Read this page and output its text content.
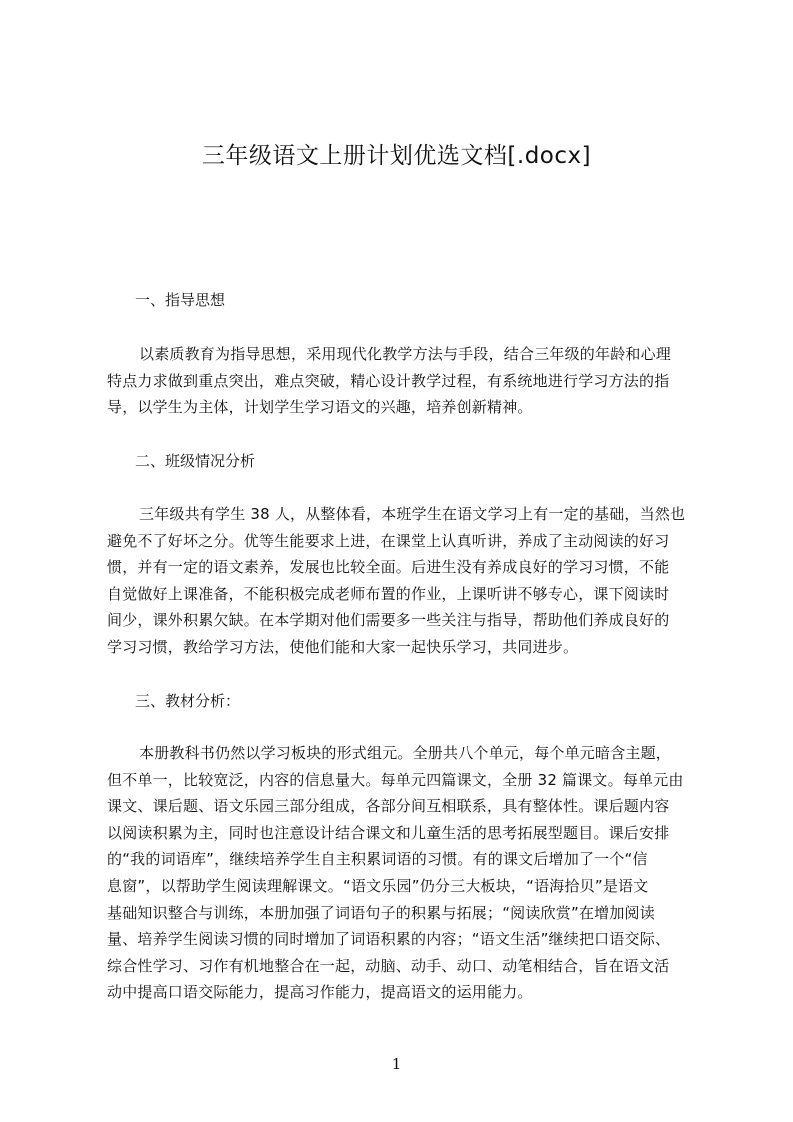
三年级语文上册计划优选文档[.docx]
一、指导思想
以素质教育为指导思想，采用现代化教学方法与手段，结合三年级的年龄和心理
特点力求做到重点突出，难点突破，精心设计教学过程，有系统地进行学习方法的指
导，以学生为主体，计划学生学习语文的兴趣，培养创新精神。
二、班级情况分析
三年级共有学生 38 人，从整体看，本班学生在语文学习上有一定的基础，当然也
避免不了好坏之分。优等生能要求上进，在课堂上认真听讲，养成了主动阅读的好习
惯，并有一定的语文素养，发展也比较全面。后进生没有养成良好的学习习惯，不能
自觉做好上课准备，不能积极完成老师布置的作业，上课听讲不够专心，课下阅读时
间少，课外积累欠缺。在本学期对他们需要多一些关注与指导，帮助他们养成良好的
学习习惯，教给学习方法，使他们能和大家一起快乐学习，共同进步。
三、教材分析：
本册教科书仍然以学习板块的形式组元。全册共八个单元，每个单元暗含主题，
但不单一，比较宽泛，内容的信息量大。每单元四篇课文，全册 32 篇课文。每单元由
课文、课后题、语文乐园三部分组成，各部分间互相联系，具有整体性。课后题内容
以阅读积累为主，同时也注意设计结合课文和儿童生活的思考拓展型题目。课后安排
的“我的词语库”，继续培养学生自主积累词语的习惯。有的课文后增加了一个“信
息窗”，以帮助学生阅读理解课文。“语文乐园”仍分三大板块，“语海拾贝”是语文
基础知识整合与训练，本册加强了词语句子的积累与拓展；“阅读欣赏”在增加阅读
量、培养学生阅读习惯的同时增加了词语积累的内容；“语文生活”继续把口语交际、
综合性学习、习作有机地整合在一起，动脑、动手、动口、动笔相结合，旨在语文活
动中提高口语交际能力，提高习作能力，提高语文的运用能力。
1
